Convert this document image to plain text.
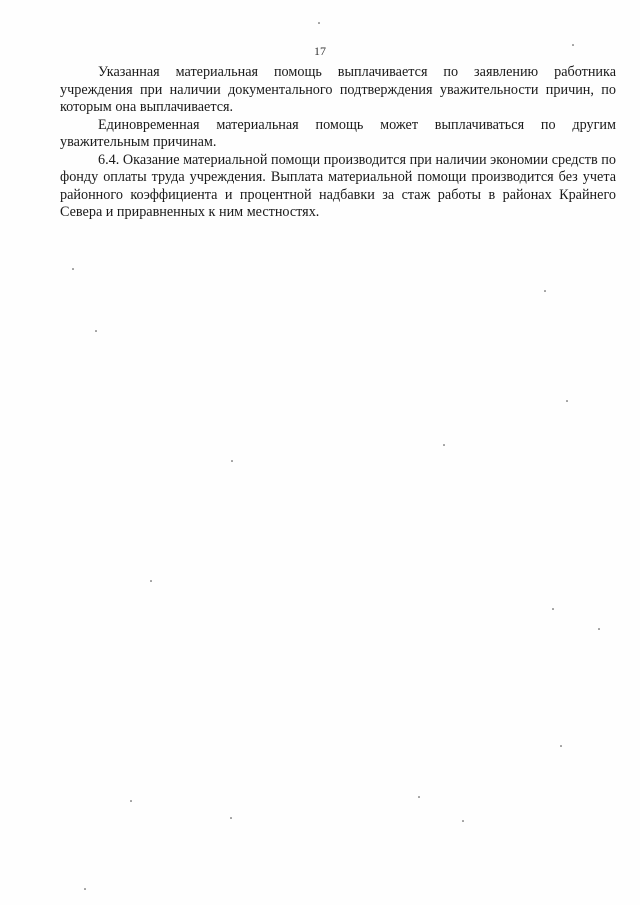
17

Указанная материальная помощь выплачивается по заявлению работника учреждения при наличии документального подтверждения уважительности причин, по которым она выплачивается.

Единовременная материальная помощь может выплачиваться по другим уважительным причинам.

6.4. Оказание материальной помощи производится при наличии экономии средств по фонду оплаты труда учреждения. Выплата материальной помощи производится без учета районного коэффициента и процентной надбавки за стаж работы в районах Крайнего Севера и приравненных к ним местностях.
